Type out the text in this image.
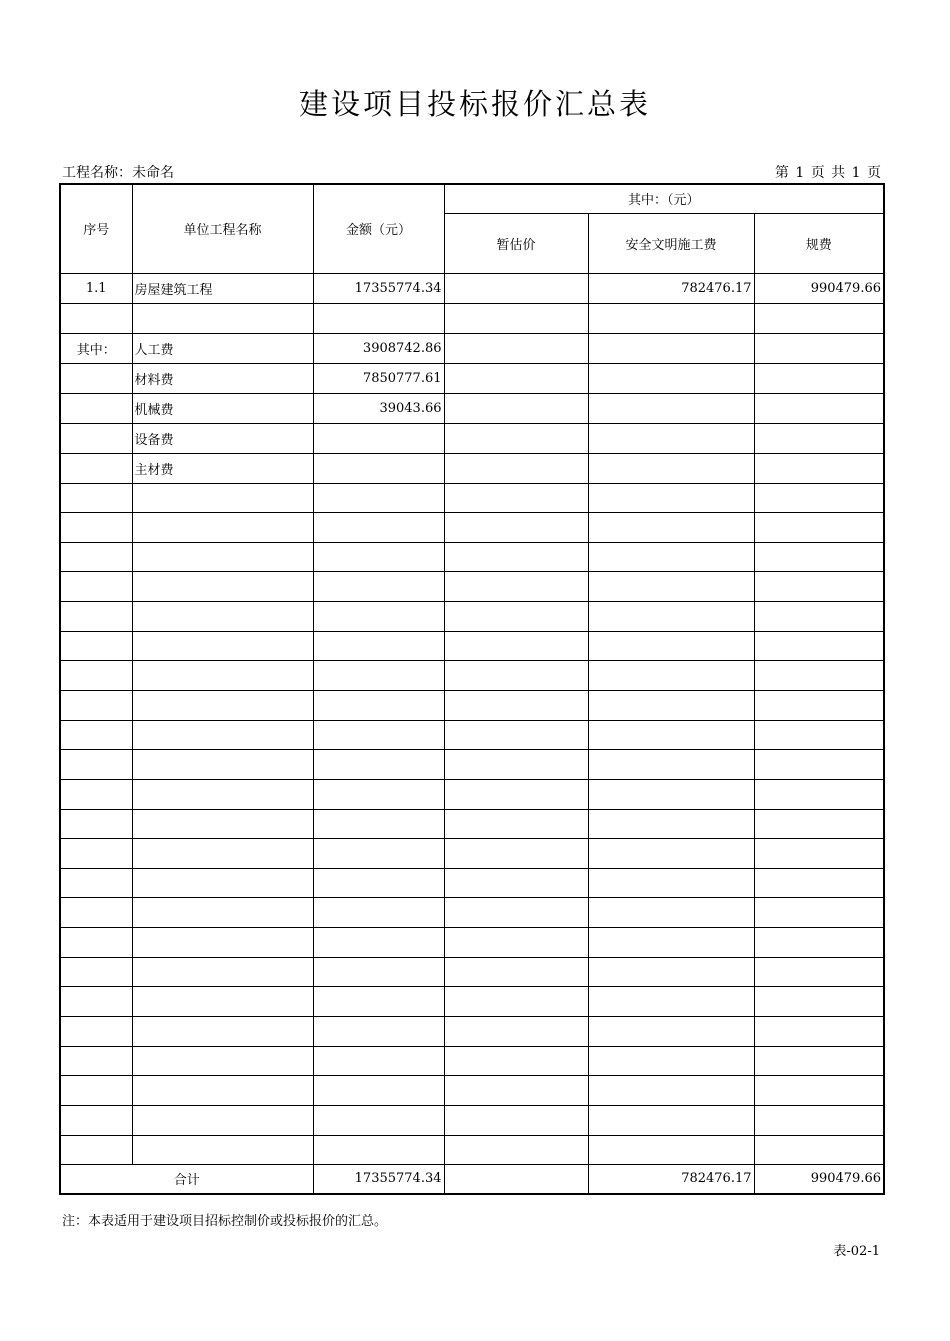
建设项目投标报价汇总表
工程名称：未命名	第 1 页 共 1 页
序号	单位工程名称	金额（元）	其中：（元）		
			暂估价	安全文明施工费	规费
1.1	房屋建筑工程	17355774.34		782476.17	990479.66

其中：	人工费	3908742.86			
	材料费	7850777.61			
	机械费	39043.66			
	设备费				
	主材费				

合计		17355774.34		782476.17	990479.66
注：本表适用于建设项目招标控制价或投标报价的汇总。
表-02-1
